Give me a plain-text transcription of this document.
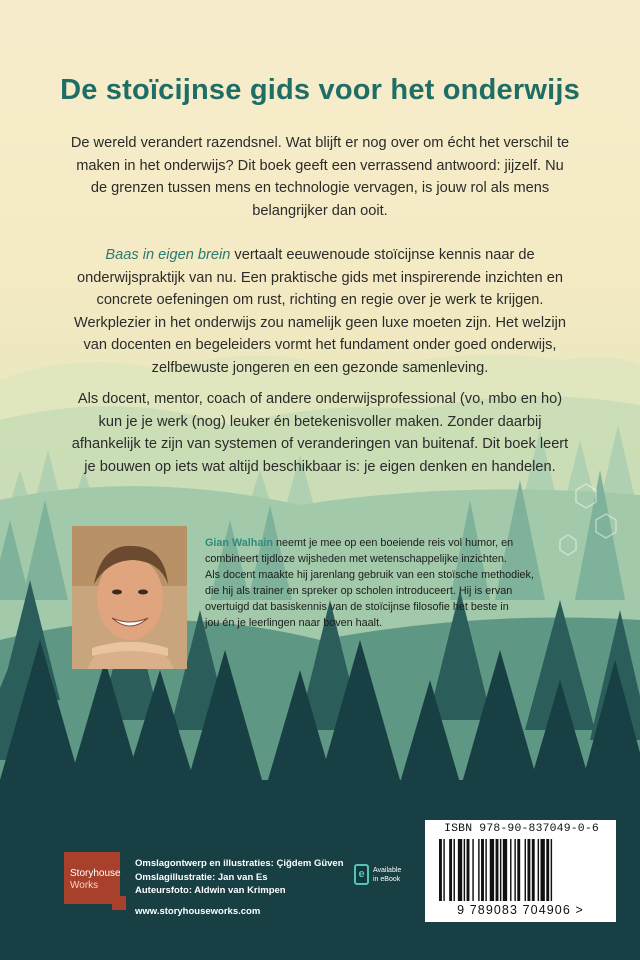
De stoïcijnse gids voor het onderwijs
De wereld verandert razendsnel. Wat blijft er nog over om écht het verschil te
maken in het onderwijs? Dit boek geeft een verrassend antwoord: jijzelf. Nu
de grenzen tussen mens en technologie vervagen, is jouw rol als mens
belangrijker dan ooit.
Baas in eigen brein vertaalt eeuwenoude stoïcijnse kennis naar de
onderwijspraktijk van nu. Een praktische gids met inspirerende inzichten en
concrete oefeningen om rust, richting en regie over je werk te krijgen.
Werkplezier in het onderwijs zou namelijk geen luxe moeten zijn. Het welzijn
van docenten en begeleiders vormt het fundament onder goed onderwijs,
zelfbewuste jongeren en een gezonde samenleving.
Als docent, mentor, coach of andere onderwijsprofessional (vo, mbo en ho)
kun je je werk (nog) leuker én betekenisvoller maken. Zonder daarbij
afhankelijk te zijn van systemen of veranderingen van buitenaf. Dit boek leert
je bouwen op iets wat altijd beschikbaar is: je eigen denken en handelen.
Gian Walhain neemt je mee op een boeiende reis vol humor, en
combineert tijdloze wijsheden met wetenschappelijke inzichten.
Als docent maakte hij jarenlang gebruik van een stoïsche methodiek,
die hij als trainer en spreker op scholen introduceert. Hij is ervan
overtuigd dat basiskennis van de stoïcijnse filosofie het beste in
jou én je leerlingen naar boven haalt.
Storyhouse
Works
Omslagontwerp en illustraties: Çiğdem Güven
Omslagillustratie: Jan van Es
Auteursfoto: Aldwin van Krimpen
www.storyhouseworks.com
e	Available
in eBook
ISBN 978-90-837049-0-6
9 789083 704906 >
